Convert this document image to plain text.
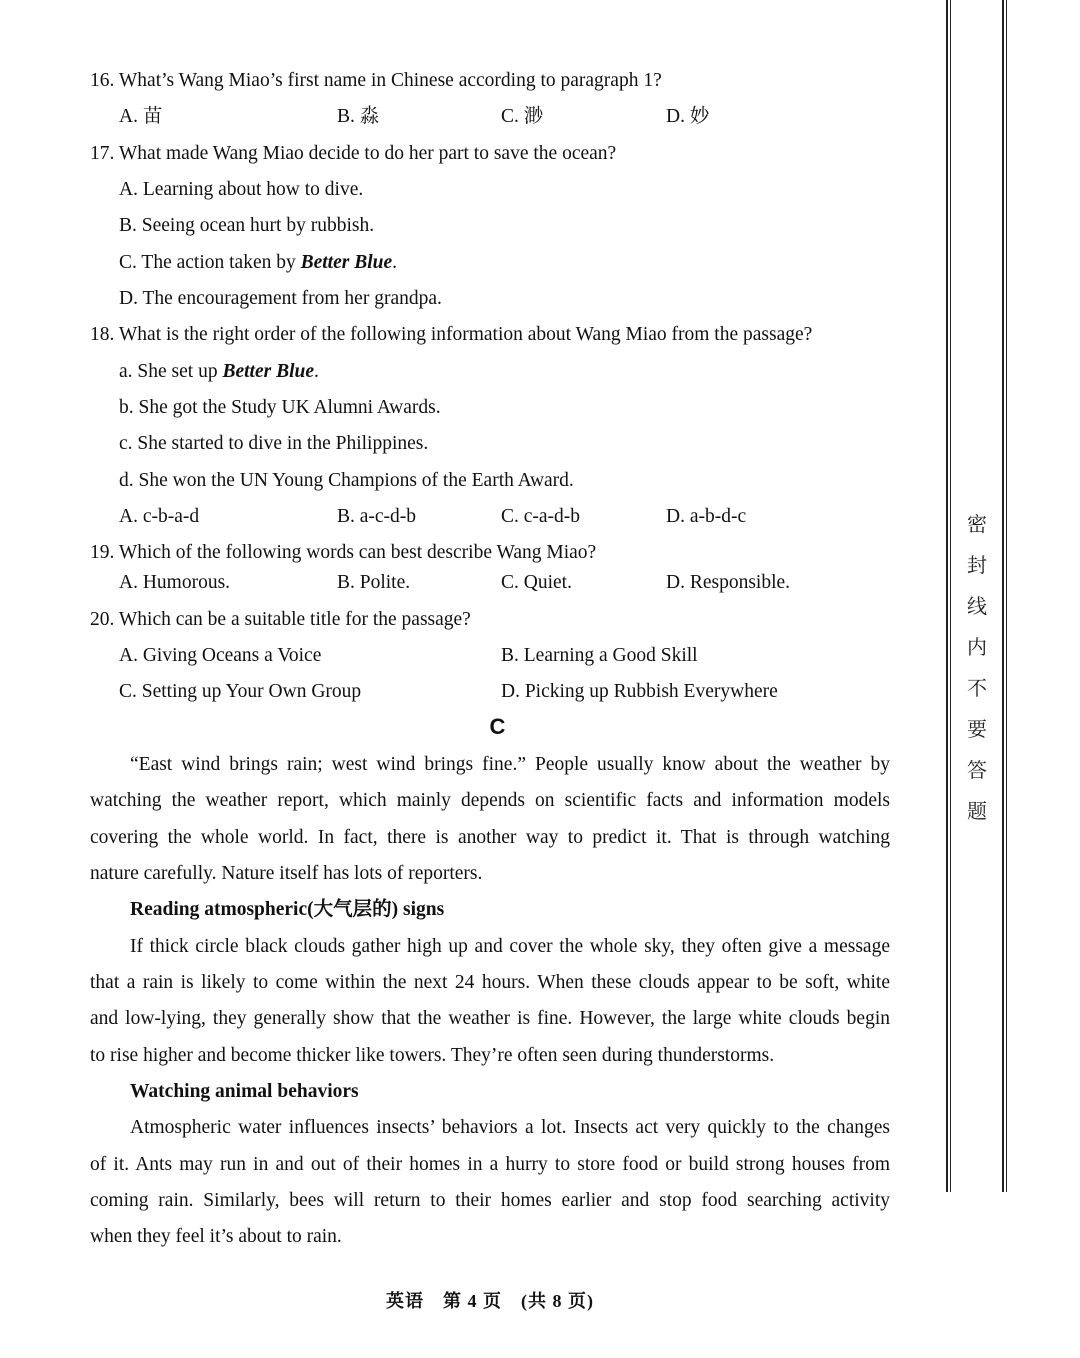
16. What’s Wang Miao’s first name in Chinese according to paragraph 1?
A. 苗	B. 淼	C. 渺	D. 妙
17. What made Wang Miao decide to do her part to save the ocean?
A. Learning about how to dive.
B. Seeing ocean hurt by rubbish.
C. The action taken by Better Blue.
D. The encouragement from her grandpa.
18. What is the right order of the following information about Wang Miao from the passage?
a. She set up Better Blue.
b. She got the Study UK Alumni Awards.
c. She started to dive in the Philippines.
d. She won the UN Young Champions of the Earth Award.
A. c-b-a-d	B. a-c-d-b	C. c-a-d-b	D. a-b-d-c
19. Which of the following words can best describe Wang Miao?
A. Humorous.	B. Polite.	C. Quiet.	D. Responsible.
20. Which can be a suitable title for the passage?
A. Giving Oceans a Voice	B. Learning a Good Skill
C. Setting up Your Own Group	D. Picking up Rubbish Everywhere
C
“East wind brings rain; west wind brings fine.” People usually know about the weather by
watching the weather report, which mainly depends on scientific facts and information models
covering the whole world. In fact, there is another way to predict it. That is through watching
nature carefully. Nature itself has lots of reporters.
Reading atmospheric(大气层的) signs
If thick circle black clouds gather high up and cover the whole sky, they often give a message
that a rain is likely to come within the next 24 hours. When these clouds appear to be soft, white
and low-lying, they generally show that the weather is fine. However, the large white clouds begin
to rise higher and become thicker like towers. They’re often seen during thunderstorms.
Watching animal behaviors
Atmospheric water influences insects’ behaviors a lot. Insects act very quickly to the changes
of it. Ants may run in and out of their homes in a hurry to store food or build strong houses from
coming rain. Similarly, bees will return to their homes earlier and stop food searching activity
when they feel it’s about to rain.
密
封
线
内
不
要
答
题
英语　第 4 页　(共 8 页)
